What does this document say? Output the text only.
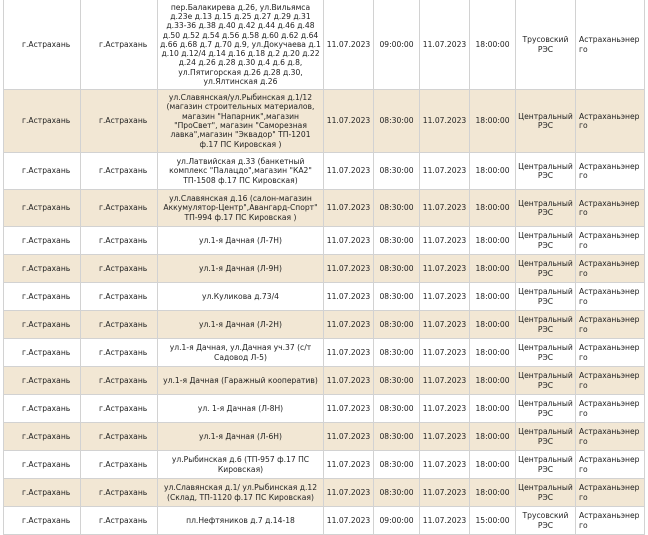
г.Астрахань	г.Астрахань	пер.Балакирева д.26, ул.Вильямса д.23е д.13 д.15 д.25 д.27 д.29 д.31 д.33-36 д.38 д.40 д.42 д.44 д.46 д.48 д.50 д.52 д.54 д.56 д.58 д.60 д.62 д.64 д.66 д.68 д.7 д.70 д.9, ул.Докучаева д.1 д.10 д.12/4 д.14 д.16 д.18 д.2 д.20 д.22 д.24 д.26 д.28 д.30 д.4 д.6 д.8, ул.Пятигорская д.26 д.28 д.30, ул.Ялтинская д.26	11.07.2023	09:00:00	11.07.2023	18:00:00	Трусовский РЭС	Астраханьэнерго
г.Астрахань	г.Астрахань	ул.Славянская/ул.Рыбинская д.1/12 (магазин строительных материалов, магазин "Напарник",магазин "ПроСвет", магазин "Саморезная лавка",магазин "Эквадор" ТП-1201 ф.17 ПС Кировская )	11.07.2023	08:30:00	11.07.2023	18:00:00	Центральный РЭС	Астраханьэнерго
г.Астрахань	г.Астрахань	ул.Латвийская д.33 (банкетный комплекс "Палацдо",магазин "КА2" ТП-1508 ф.17 ПС Кировская)	11.07.2023	08:30:00	11.07.2023	18:00:00	Центральный РЭС	Астраханьэнерго
г.Астрахань	г.Астрахань	ул.Славянская д.16 (салон-магазин Аккумулятор-Центр",Авангард-Спорт" ТП-994 ф.17 ПС Кировская )	11.07.2023	08:30:00	11.07.2023	18:00:00	Центральный РЭС	Астраханьэнерго
г.Астрахань	г.Астрахань	ул.1-я Дачная (Л-7Н)	11.07.2023	08:30:00	11.07.2023	18:00:00	Центральный РЭС	Астраханьэнерго
г.Астрахань	г.Астрахань	ул.1-я Дачная (Л-9Н)	11.07.2023	08:30:00	11.07.2023	18:00:00	Центральный РЭС	Астраханьэнерго
г.Астрахань	г.Астрахань	ул.Куликова д.73/4	11.07.2023	08:30:00	11.07.2023	18:00:00	Центральный РЭС	Астраханьэнерго
г.Астрахань	г.Астрахань	ул.1-я Дачная (Л-2Н)	11.07.2023	08:30:00	11.07.2023	18:00:00	Центральный РЭС	Астраханьэнерго
г.Астрахань	г.Астрахань	ул.1-я Дачная, ул.Дачная уч.37 (с/т Садовод Л-5)	11.07.2023	08:30:00	11.07.2023	18:00:00	Центральный РЭС	Астраханьэнерго
г.Астрахань	г.Астрахань	ул.1-я Дачная (Гаражный кооператив)	11.07.2023	08:30:00	11.07.2023	18:00:00	Центральный РЭС	Астраханьэнерго
г.Астрахань	г.Астрахань	ул. 1-я Дачная (Л-8Н)	11.07.2023	08:30:00	11.07.2023	18:00:00	Центральный РЭС	Астраханьэнерго
г.Астрахань	г.Астрахань	ул.1-я Дачная (Л-6Н)	11.07.2023	08:30:00	11.07.2023	18:00:00	Центральный РЭС	Астраханьэнерго
г.Астрахань	г.Астрахань	ул.Рыбинская д.6 (ТП-957 ф.17 ПС Кировская)	11.07.2023	08:30:00	11.07.2023	18:00:00	Центральный РЭС	Астраханьэнерго
г.Астрахань	г.Астрахань	ул.Славянская д.1/ ул.Рыбинская д.12 (Склад, ТП-1120 ф.17 ПС Кировская)	11.07.2023	08:30:00	11.07.2023	18:00:00	Центральный РЭС	Астраханьэнерго
г.Астрахань	г.Астрахань	пл.Нефтяников д.7 д.14-18	11.07.2023	09:00:00	11.07.2023	15:00:00	Трусовский РЭС	Астраханьэнерго
